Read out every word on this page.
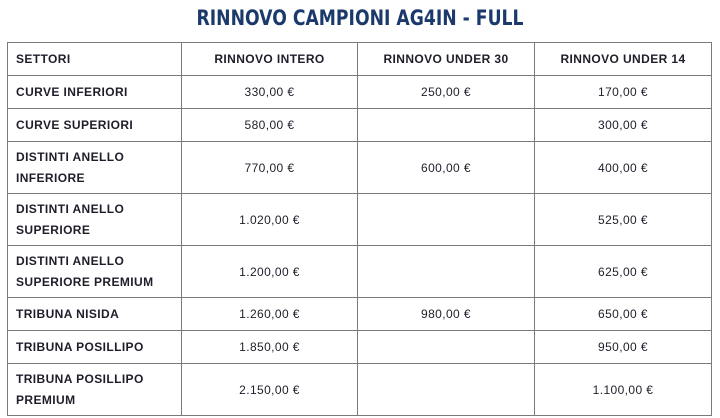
RINNOVO CAMPIONI AG4IN - FULL
SETTORI	RINNOVO INTERO	RINNOVO UNDER 30	RINNOVO UNDER 14
CURVE INFERIORI	330,00 €	250,00 €	170,00 €
CURVE SUPERIORI	580,00 €		300,00 €
DISTINTI ANELLO INFERIORE	770,00 €	600,00 €	400,00 €
DISTINTI ANELLO SUPERIORE	1.020,00 €		525,00 €
DISTINTI ANELLO SUPERIORE PREMIUM	1.200,00 €		625,00 €
TRIBUNA NISIDA	1.260,00 €	980,00 €	650,00 €
TRIBUNA POSILLIPO	1.850,00 €		950,00 €
TRIBUNA POSILLIPO PREMIUM	2.150,00 €		1.100,00 €
